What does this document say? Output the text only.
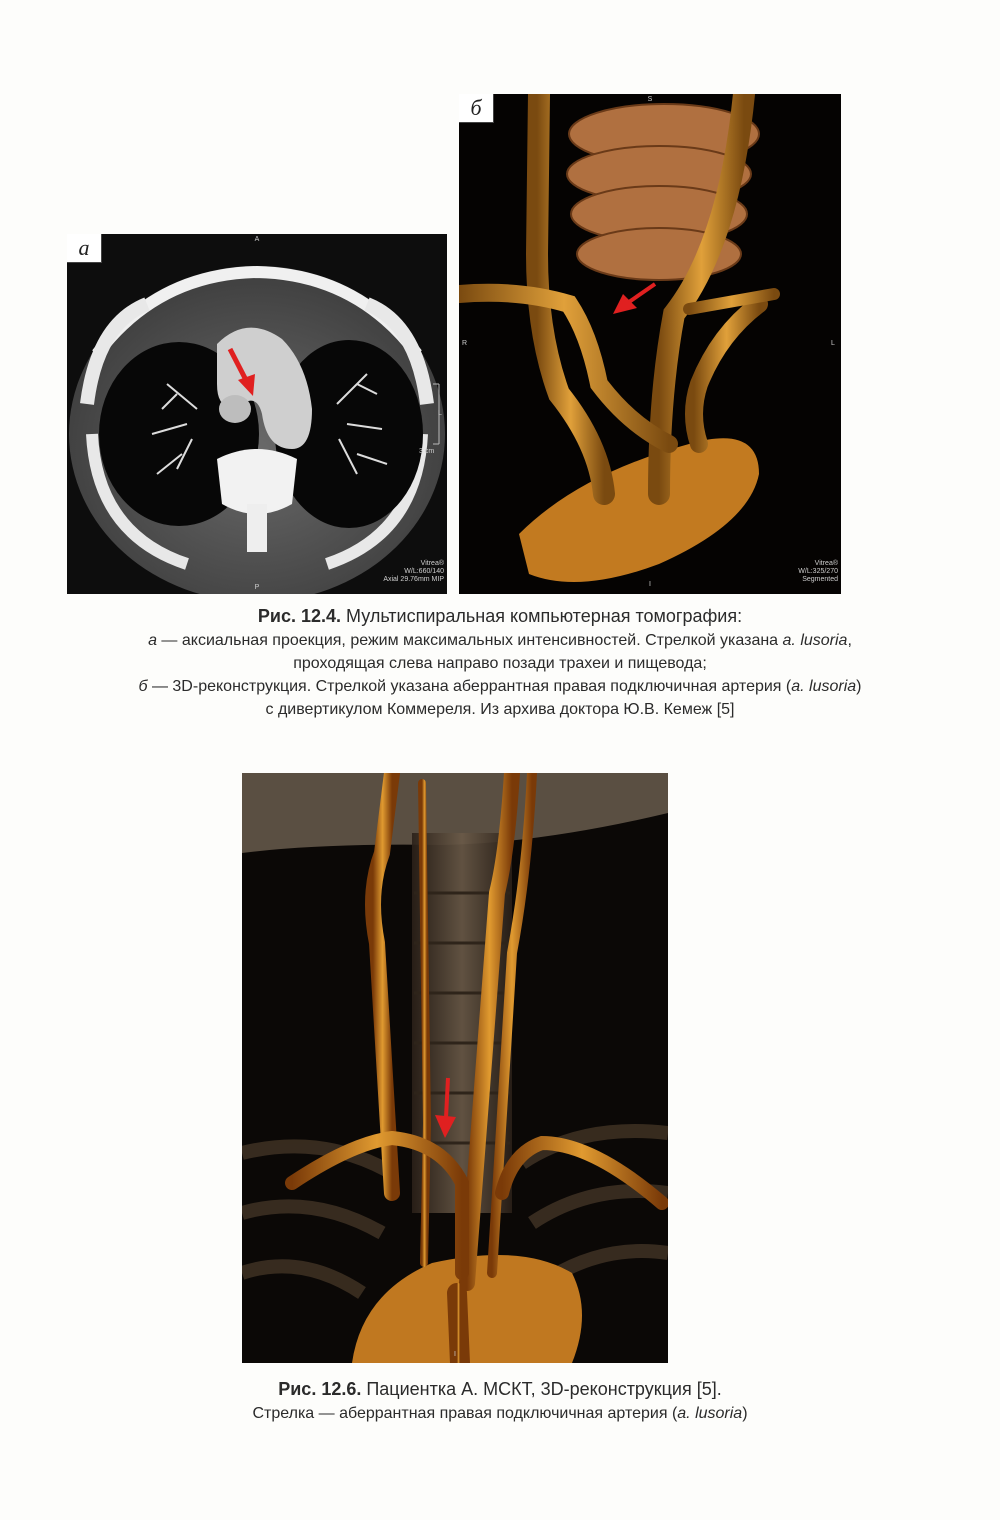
а	A
P
L
3 cm
Vitrea®
W/L:660/140
Axial 29.76mm MIP
б	S
I
R	L
Vitrea®
W/L:325/270
Segmented
Рис. 12.4. Мультиспиральная компьютерная томография:
а — аксиальная проекция, режим максимальных интенсивностей. Стрелкой указана a. lusoria,
проходящая слева направо позади трахеи и пищевода;
б — 3D-реконструкция. Стрелкой указана аберрантная правая подключичная артерия (a. lusoria)
с дивертикулом Коммереля. Из архива доктора Ю.В. Кемеж [5]
I
Рис. 12.6. Пациентка А. МСКТ, 3D-реконструкция [5].
Стрелка — аберрантная правая подключичная артерия (a. lusoria)
